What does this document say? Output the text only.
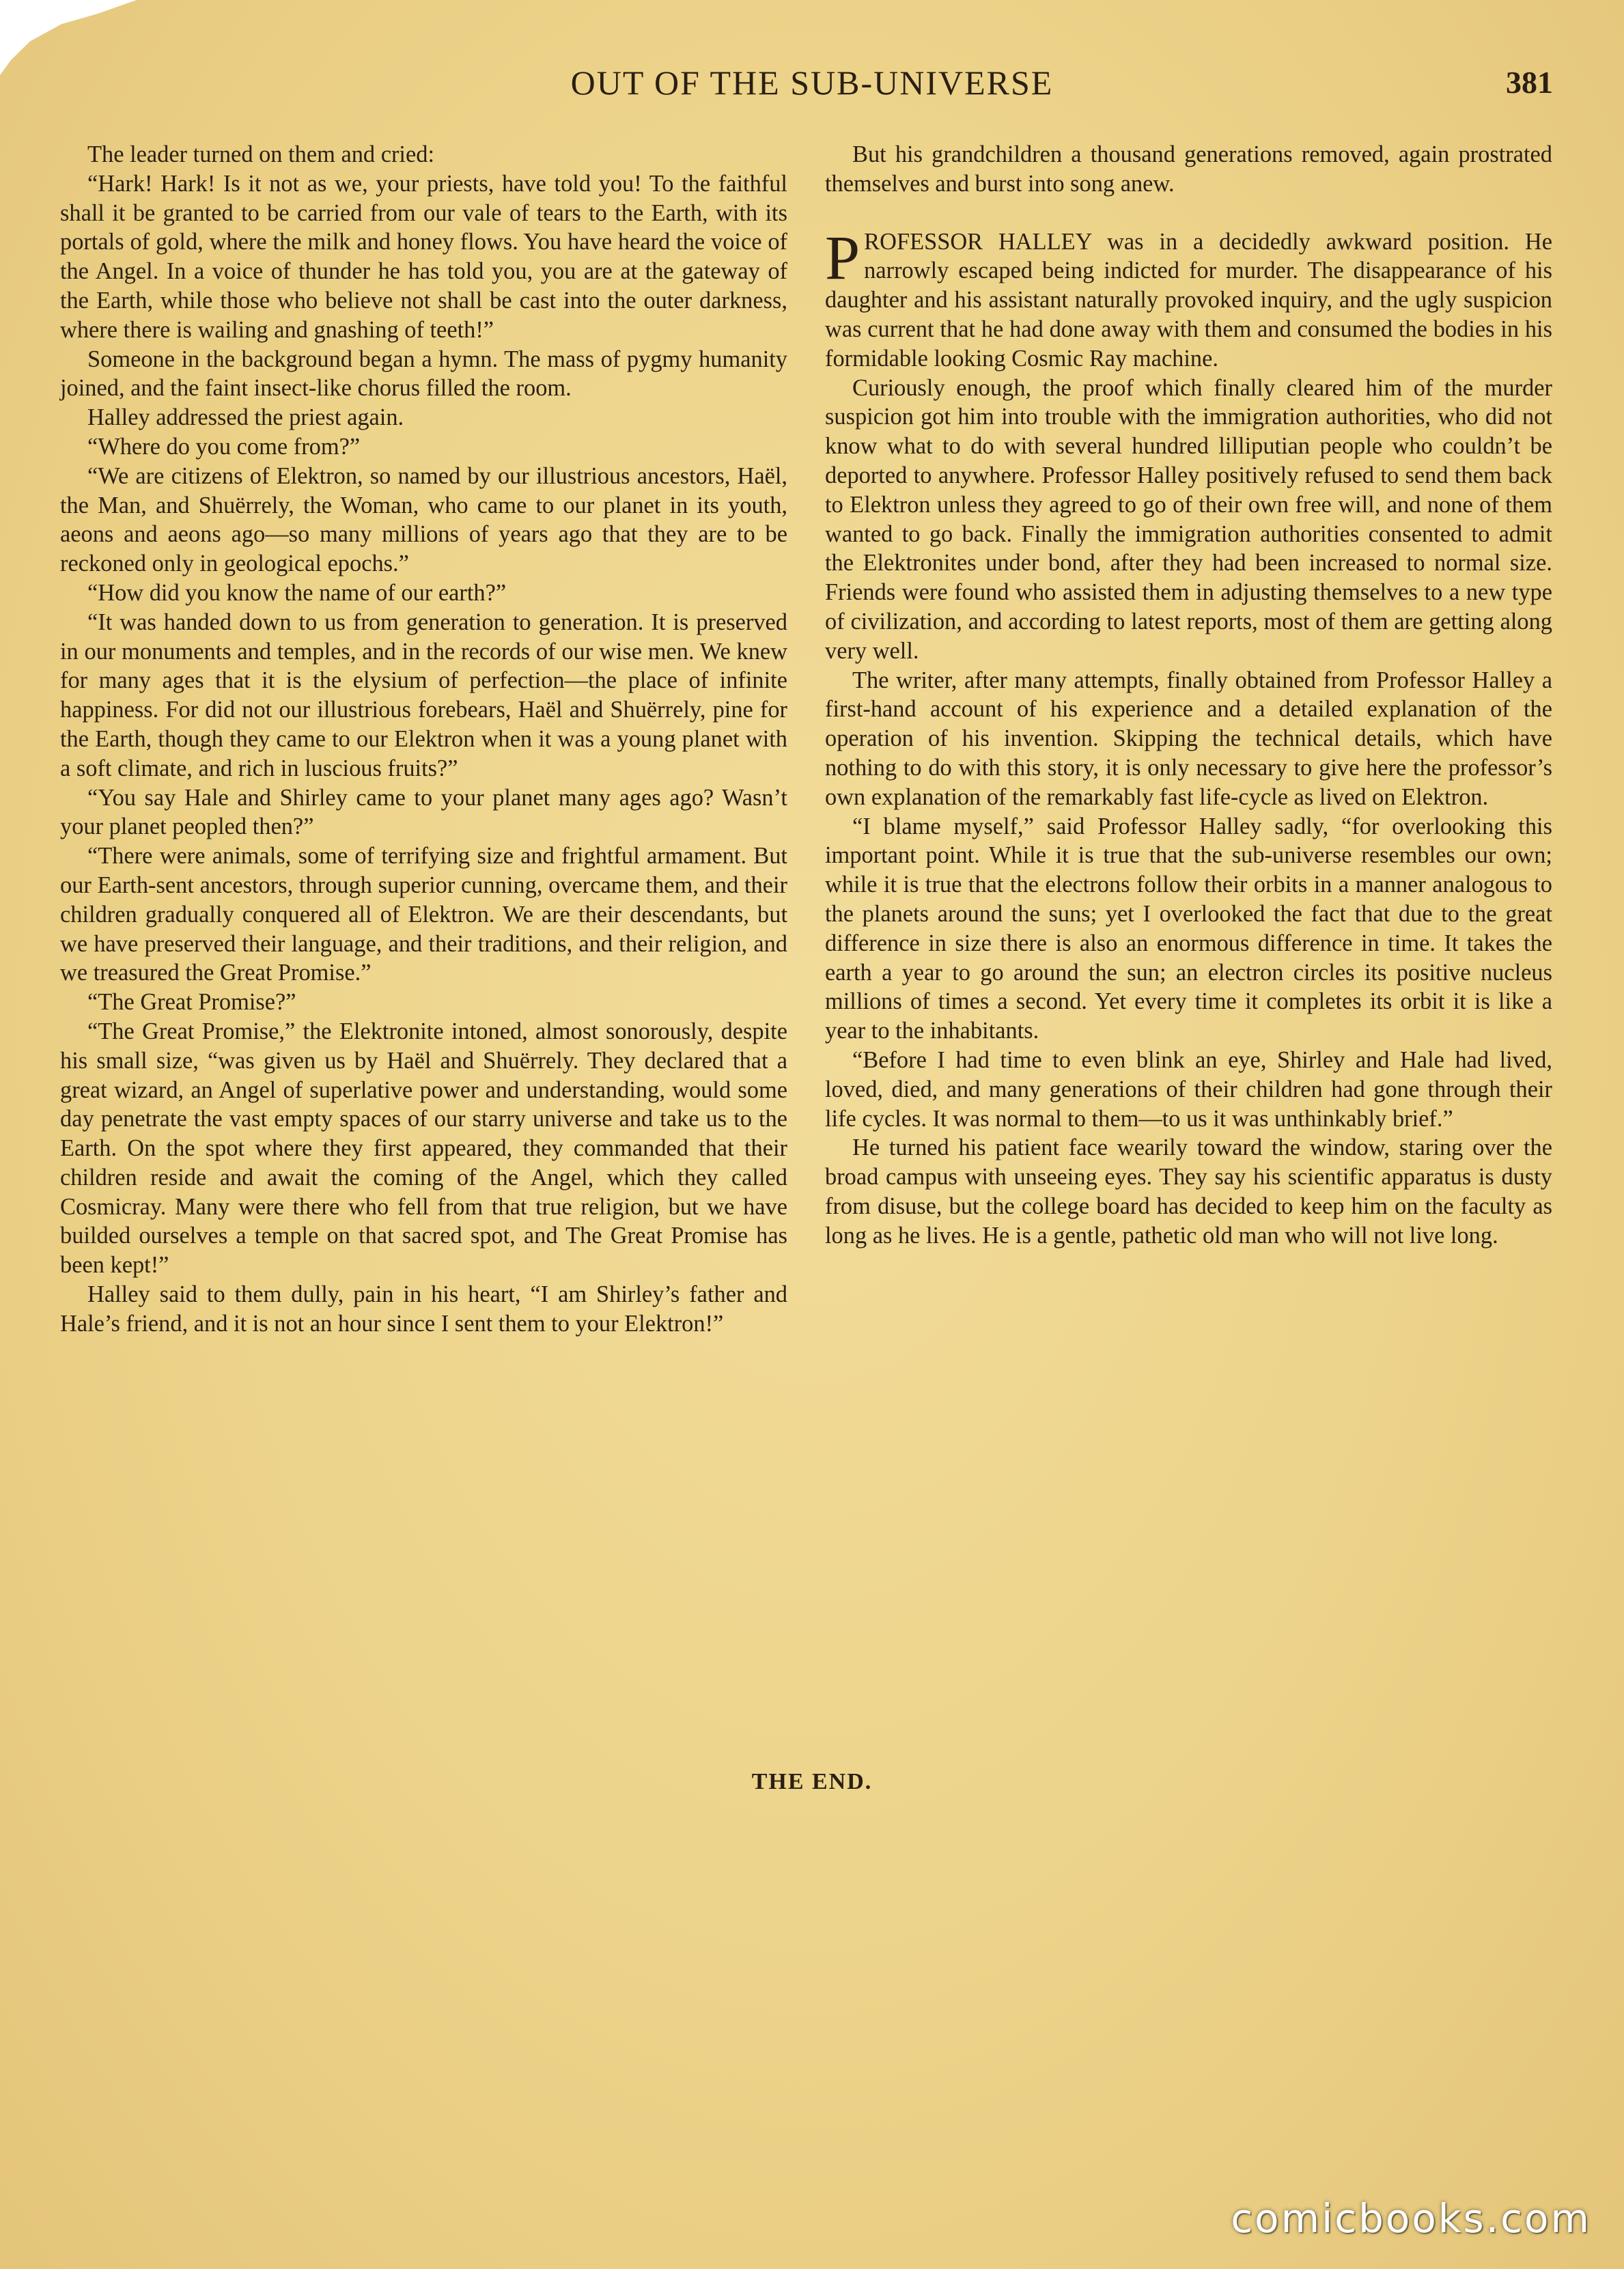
OUT OF THE SUB-UNIVERSE	381

The leader turned on them and cried:

“Hark! Hark! Is it not as we, your priests, have told you! To the faithful shall it be granted to be carried from our vale of tears to the Earth, with its portals of gold, where the milk and honey flows. You have heard the voice of the Angel. In a voice of thunder he has told you, you are at the gateway of the Earth, while those who believe not shall be cast into the outer darkness, where there is wailing and gnashing of teeth!”

Someone in the background began a hymn. The mass of pygmy humanity joined, and the faint insect-like chorus filled the room.

Halley addressed the priest again.

“Where do you come from?”

“We are citizens of Elektron, so named by our illustrious ancestors, Haël, the Man, and Shuërrely, the Woman, who came to our planet in its youth, aeons and aeons ago—so many millions of years ago that they are to be reckoned only in geological epochs.”

“How did you know the name of our earth?”

“It was handed down to us from generation to generation. It is preserved in our monuments and temples, and in the records of our wise men. We knew for many ages that it is the elysium of perfection—the place of infinite happiness. For did not our illustrious forebears, Haël and Shuërrely, pine for the Earth, though they came to our Elektron when it was a young planet with a soft climate, and rich in luscious fruits?”

“You say Hale and Shirley came to your planet many ages ago? Wasn’t your planet peopled then?”

“There were animals, some of terrifying size and frightful armament. But our Earth-sent ancestors, through superior cunning, overcame them, and their children gradually conquered all of Elektron. We are their descendants, but we have preserved their language, and their traditions, and their religion, and we treasured the Great Promise.”

“The Great Promise?”

“The Great Promise,” the Elektronite intoned, almost sonorously, despite his small size, “was given us by Haël and Shuërrely. They declared that a great wizard, an Angel of superlative power and understanding, would some day penetrate the vast empty spaces of our starry universe and take us to the Earth. On the spot where they first appeared, they commanded that their children reside and await the coming of the Angel, which they called Cosmicray. Many were there who fell from that true religion, but we have builded ourselves a temple on that sacred spot, and The Great Promise has been kept!”

Halley said to them dully, pain in his heart, “I am Shirley’s father and Hale’s friend, and it is not an hour since I sent them to your Elektron!”

But his grandchildren a thousand generations removed, again prostrated themselves and burst into song anew.

PROFESSOR HALLEY was in a decidedly awkward position. He narrowly escaped being indicted for murder. The disappearance of his daughter and his assistant naturally provoked inquiry, and the ugly suspicion was current that he had done away with them and consumed the bodies in his formidable looking Cosmic Ray machine.

Curiously enough, the proof which finally cleared him of the murder suspicion got him into trouble with the immigration authorities, who did not know what to do with several hundred lilliputian people who couldn’t be deported to anywhere. Professor Halley positively refused to send them back to Elektron unless they agreed to go of their own free will, and none of them wanted to go back. Finally the immigration authorities consented to admit the Elektronites under bond, after they had been increased to normal size. Friends were found who assisted them in adjusting themselves to a new type of civilization, and according to latest reports, most of them are getting along very well.

The writer, after many attempts, finally obtained from Professor Halley a first-hand account of his experience and a detailed explanation of the operation of his invention. Skipping the technical details, which have nothing to do with this story, it is only necessary to give here the professor’s own explanation of the remarkably fast life-cycle as lived on Elektron.

“I blame myself,” said Professor Halley sadly, “for overlooking this important point. While it is true that the sub-universe resembles our own; while it is true that the electrons follow their orbits in a manner analogous to the planets around the suns; yet I overlooked the fact that due to the great difference in size there is also an enormous difference in time. It takes the earth a year to go around the sun; an electron circles its positive nucleus millions of times a second. Yet every time it completes its orbit it is like a year to the inhabitants.

“Before I had time to even blink an eye, Shirley and Hale had lived, loved, died, and many generations of their children had gone through their life cycles. It was normal to them—to us it was unthinkably brief.”

He turned his patient face wearily toward the window, staring over the broad campus with unseeing eyes. They say his scientific apparatus is dusty from disuse, but the college board has decided to keep him on the faculty as long as he lives. He is a gentle, pathetic old man who will not live long.

THE END.
comicbooks.com
